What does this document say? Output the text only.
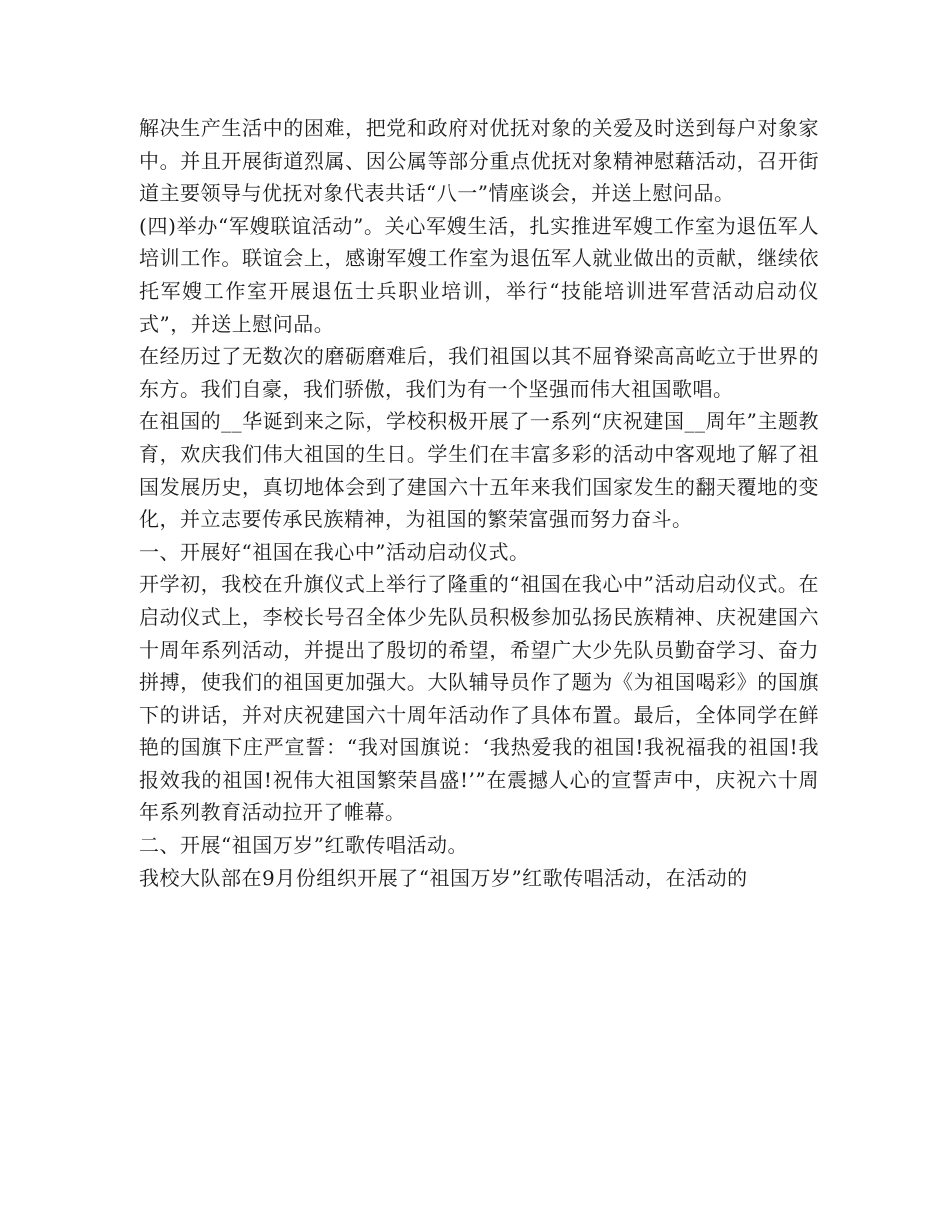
解决生产生活中的困难，把党和政府对优抚对象的关爱及时送到每户对象家中。并且开展街道烈属、因公属等部分重点优抚对象精神慰藉活动，召开街道主要领导与优抚对象代表共话“八一”情座谈会，并送上慰问品。

(四)举办“军嫂联谊活动”。关心军嫂生活，扎实推进军嫂工作室为退伍军人培训工作。联谊会上，感谢军嫂工作室为退伍军人就业做出的贡献，继续依托军嫂工作室开展退伍士兵职业培训，举行“技能培训进军营活动启动仪式”，并送上慰问品。

在经历过了无数次的磨砺磨难后，我们祖国以其不屈脊梁高高屹立于世界的东方。我们自豪，我们骄傲，我们为有一个坚强而伟大祖国歌唱。

在祖国的__华诞到来之际，学校积极开展了一系列“庆祝建国__周年”主题教育，欢庆我们伟大祖国的生日。学生们在丰富多彩的活动中客观地了解了祖国发展历史，真切地体会到了建国六十五年来我们国家发生的翻天覆地的变化，并立志要传承民族精神，为祖国的繁荣富强而努力奋斗。

一、开展好“祖国在我心中”活动启动仪式。

开学初，我校在升旗仪式上举行了隆重的“祖国在我心中”活动启动仪式。在启动仪式上，李校长号召全体少先队员积极参加弘扬民族精神、庆祝建国六十周年系列活动，并提出了殷切的希望，希望广大少先队员勤奋学习、奋力拼搏，使我们的祖国更加强大。大队辅导员作了题为《为祖国喝彩》的国旗下的讲话，并对庆祝建国六十周年活动作了具体布置。最后，全体同学在鲜艳的国旗下庄严宣誓：“我对国旗说：‘我热爱我的祖国!我祝福我的祖国!我报效我的祖国!祝伟大祖国繁荣昌盛!’”在震撼人心的宣誓声中，庆祝六十周年系列教育活动拉开了帷幕。

二、开展“祖国万岁”红歌传唱活动。

我校大队部在9月份组织开展了“祖国万岁”红歌传唱活动，在活动的
